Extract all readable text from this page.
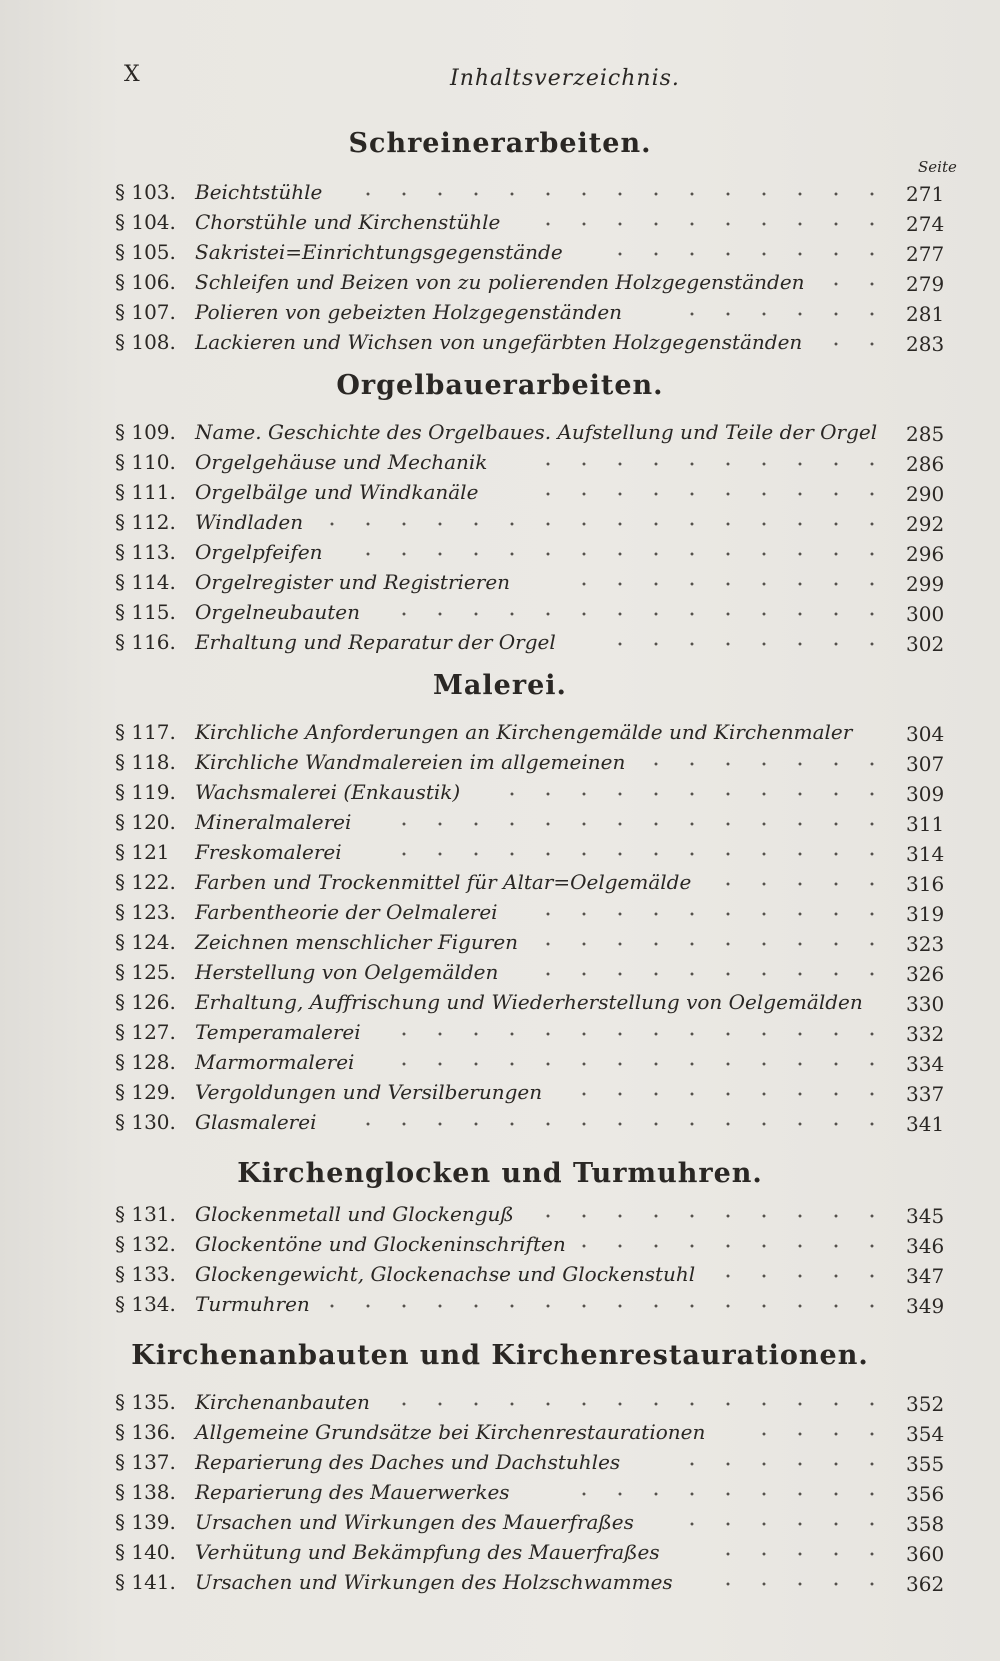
X	Inhaltsverzeichnis.
Seite
Schreinerarbeiten.
§ 103. Beichtstühle	271
§ 104. Chorstühle und Kirchenstühle	274
§ 105. Sakristei=Einrichtungsgegenstände	277
§ 106. Schleifen und Beizen von zu polierenden Holzgegenständen	279
§ 107. Polieren von gebeizten Holzgegenständen	281
§ 108. Lackieren und Wichsen von ungefärbten Holzgegenständen	283
Orgelbauerarbeiten.
§ 109. Name. Geschichte des Orgelbaues. Aufstellung und Teile der Orgel 285
§ 110. Orgelgehäuse und Mechanik	286
§ 111. Orgelbälge und Windkanäle	290
§ 112. Windladen	292
§ 113. Orgelpfeifen	296
§ 114. Orgelregister und Registrieren	299
§ 115. Orgelneubauten	300
§ 116. Erhaltung und Reparatur der Orgel	302
Malerei.
§ 117. Kirchliche Anforderungen an Kirchengemälde und Kirchenmaler	304
§ 118. Kirchliche Wandmalereien im allgemeinen	307
§ 119. Wachsmalerei (Enkaustik)	309
§ 120. Mineralmalerei	311
§ 121 Freskomalerei	314
§ 122. Farben und Trockenmittel für Altar=Oelgemälde	316
§ 123. Farbentheorie der Oelmalerei	319
§ 124. Zeichnen menschlicher Figuren	323
§ 125. Herstellung von Oelgemälden	326
§ 126. Erhaltung, Auffrischung und Wiederherstellung von Oelgemälden 330
§ 127. Temperamalerei	332
§ 128. Marmormalerei	334
§ 129. Vergoldungen und Versilberungen	337
§ 130. Glasmalerei	341
Kirchenglocken und Turmuhren.
§ 131. Glockenmetall und Glockenguß	345
§ 132. Glockentöne und Glockeninschriften	346
§ 133. Glockengewicht, Glockenachse und Glockenstuhl	347
§ 134. Turmuhren	349
Kirchenanbauten und Kirchenrestaurationen.
§ 135. Kirchenanbauten	352
§ 136. Allgemeine Grundsätze bei Kirchenrestaurationen	354
§ 137. Reparierung des Daches und Dachstuhles	355
§ 138. Reparierung des Mauerwerkes	356
§ 139. Ursachen und Wirkungen des Mauerfraßes	358
§ 140. Verhütung und Bekämpfung des Mauerfraßes	360
§ 141. Ursachen und Wirkungen des Holzschwammes	362
